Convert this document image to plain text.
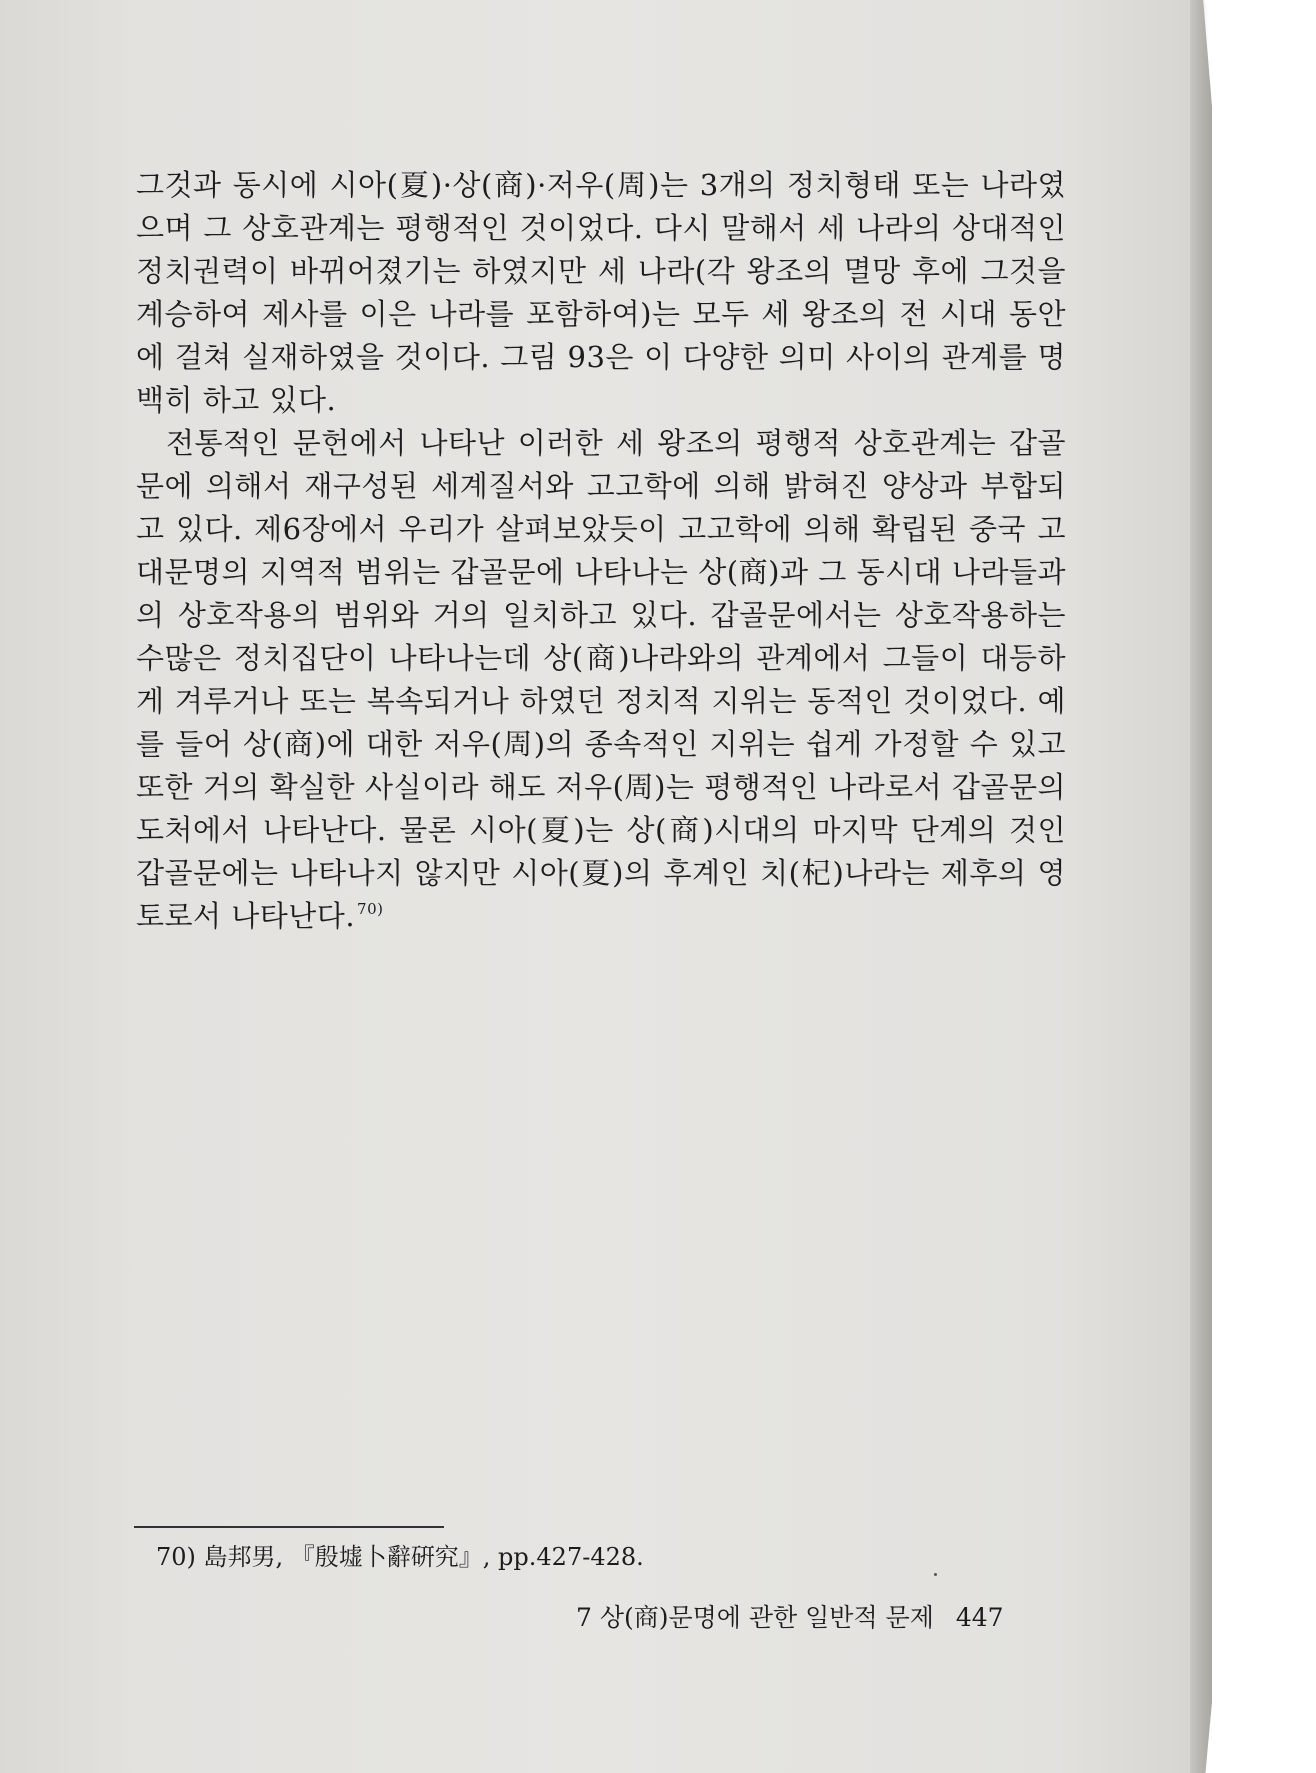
그것과 동시에 시아(夏)·상(商)·저우(周)는 3개의 정치형태 또는 나라였으며 그 상호관계는 평행적인 것이었다. 다시 말해서 세 나라의 상대적인 정치권력이 바뀌어졌기는 하였지만 세 나라(각 왕조의 멸망 후에 그것을 계승하여 제사를 이은 나라를 포함하여)는 모두 세 왕조의 전 시대 동안에 걸쳐 실재하였을 것이다. 그림 93은 이 다양한 의미 사이의 관계를 명백히 하고 있다.

전통적인 문헌에서 나타난 이러한 세 왕조의 평행적 상호관계는 갑골문에 의해서 재구성된 세계질서와 고고학에 의해 밝혀진 양상과 부합되고 있다. 제6장에서 우리가 살펴보았듯이 고고학에 의해 확립된 중국 고대문명의 지역적 범위는 갑골문에 나타나는 상(商)과 그 동시대 나라들과의 상호작용의 범위와 거의 일치하고 있다. 갑골문에서는 상호작용하는 수많은 정치집단이 나타나는데 상(商)나라와의 관계에서 그들이 대등하게 겨루거나 또는 복속되거나 하였던 정치적 지위는 동적인 것이었다. 예를 들어 상(商)에 대한 저우(周)의 종속적인 지위는 쉽게 가정할 수 있고 또한 거의 확실한 사실이라 해도 저우(周)는 평행적인 나라로서 갑골문의 도처에서 나타난다. 물론 시아(夏)는 상(商)시대의 마지막 단계의 것인 갑골문에는 나타나지 않지만 시아(夏)의 후계인 치(杞)나라는 제후의 영토로서 나타난다. $^{70)}$

70) 島邦男, 『殷墟卜辭硏究』, pp.427-428.

7 상(商)문명에 관한 일반적 문제 447
